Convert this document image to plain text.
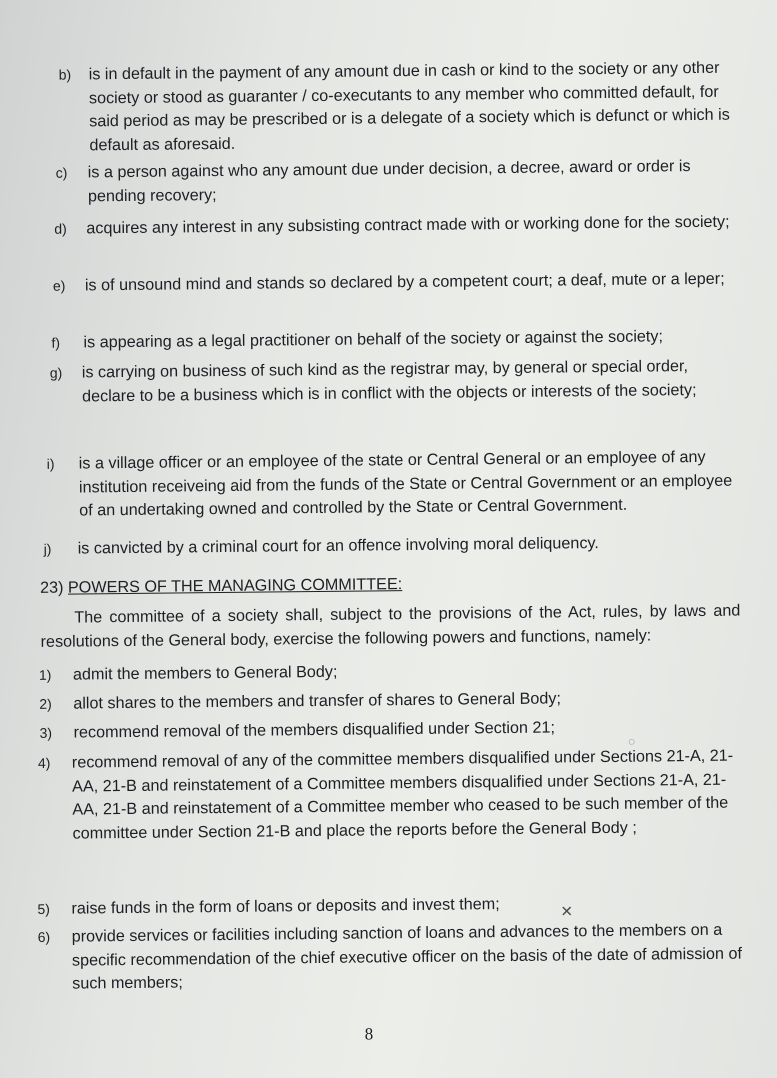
b)	is in default in the payment of any amount due in cash or kind to the society or any other society or stood as guaranter / co-executants to any member who committed default, for said period as may be prescribed or is a delegate of a society which is defunct or which is default as aforesaid.
c)	is a person against who any amount due under decision, a decree, award or order is pending recovery;
d)	acquires any interest in any subsisting contract made with or working done for the society;
e)	is of unsound mind and stands so declared by a competent court; a deaf, mute or a leper;
f)	is appearing as a legal practitioner on behalf of the society or against the society;
g)	is carrying on business of such kind as the registrar may, by general or special order, declare to be a business which is in conflict with the objects or interests of the society;
i)	is a village officer or an employee of the state or Central General or an employee of any institution receiveing aid from the funds of the State or Central Government or an employee of an undertaking owned and controlled by the State or Central Government.
j)	is canvicted by a criminal court for an offence involving moral deliquency.
23) POWERS OF THE MANAGING COMMITTEE:
The committee of a society shall, subject to the provisions of the Act, rules, by laws and resolutions of the General body, exercise the following powers and functions, namely:
1)	admit the members to General Body;
2)	allot shares to the members and transfer of shares to General Body;
3)	recommend removal of the members disqualified under Section 21;
4)	recommend removal of any of the committee members disqualified under Sections 21-A, 21-AA, 21-B and reinstatement of a Committee members disqualified under Sections 21-A, 21-AA, 21-B and reinstatement of a Committee member who ceased to be such member of the committee under Section 21-B and place the reports before the General Body ;
5)	raise funds in the form of loans or deposits and invest them;
6)	provide services or facilities including sanction of loans and advances to the members on a specific recommendation of the chief executive officer on the basis of the date of admission of such members;
○
✕
8
